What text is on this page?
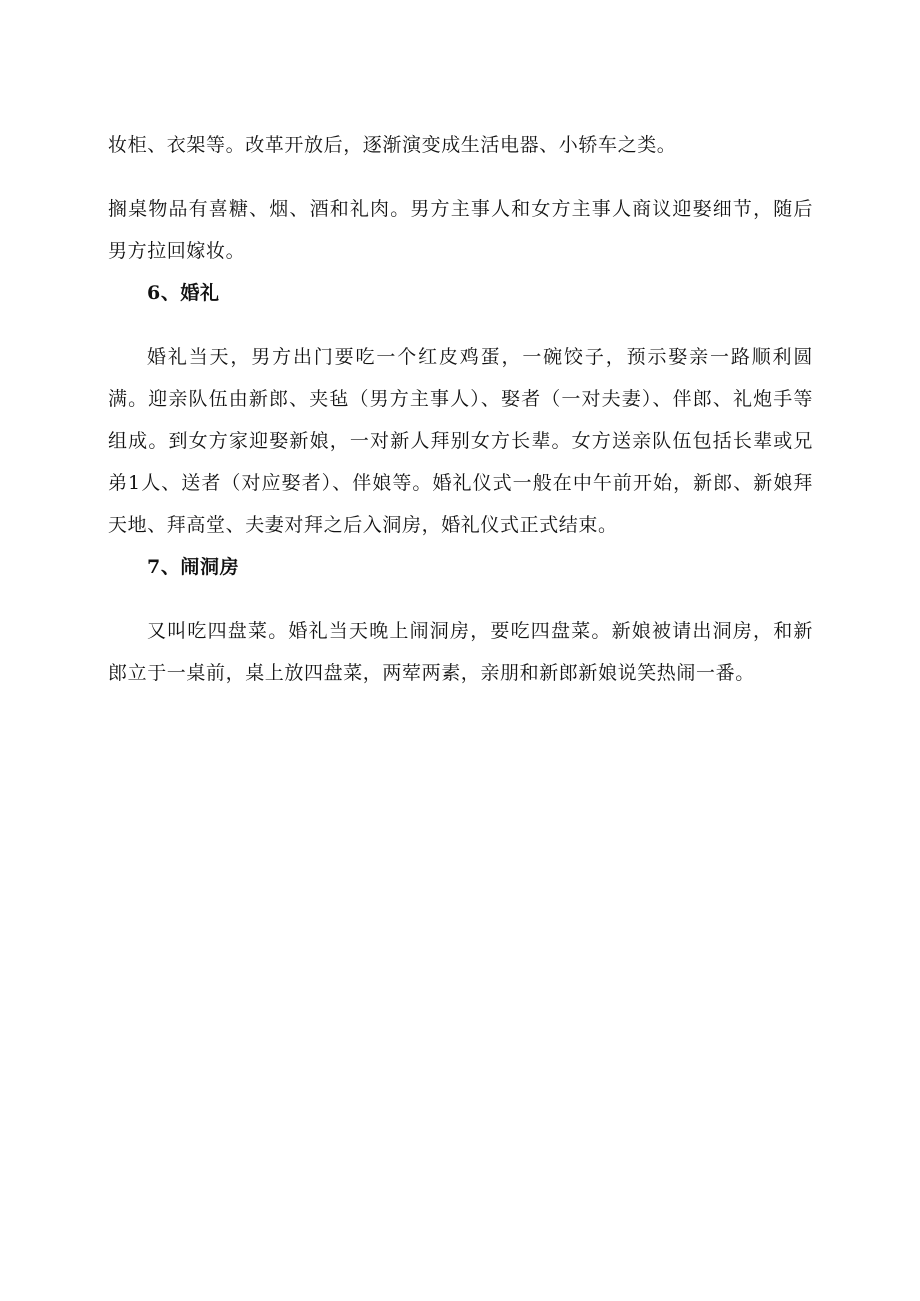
妆柜、衣架等。改革开放后，逐渐演变成生活电器、小轿车之类。

搁桌物品有喜糖、烟、酒和礼肉。男方主事人和女方主事人商议迎娶细节，随后男方拉回嫁妆。

6、婚礼

婚礼当天，男方出门要吃一个红皮鸡蛋，一碗饺子，预示娶亲一路顺利圆满。迎亲队伍由新郎、夹毡（男方主事人）、娶者（一对夫妻）、伴郎、礼炮手等组成。到女方家迎娶新娘，一对新人拜别女方长辈。女方送亲队伍包括长辈或兄弟1人、送者（对应娶者）、伴娘等。婚礼仪式一般在中午前开始，新郎、新娘拜天地、拜高堂、夫妻对拜之后入洞房，婚礼仪式正式结束。

7、闹洞房

又叫吃四盘菜。婚礼当天晚上闹洞房，要吃四盘菜。新娘被请出洞房，和新郎立于一桌前，桌上放四盘菜，两荤两素，亲朋和新郎新娘说笑热闹一番。
